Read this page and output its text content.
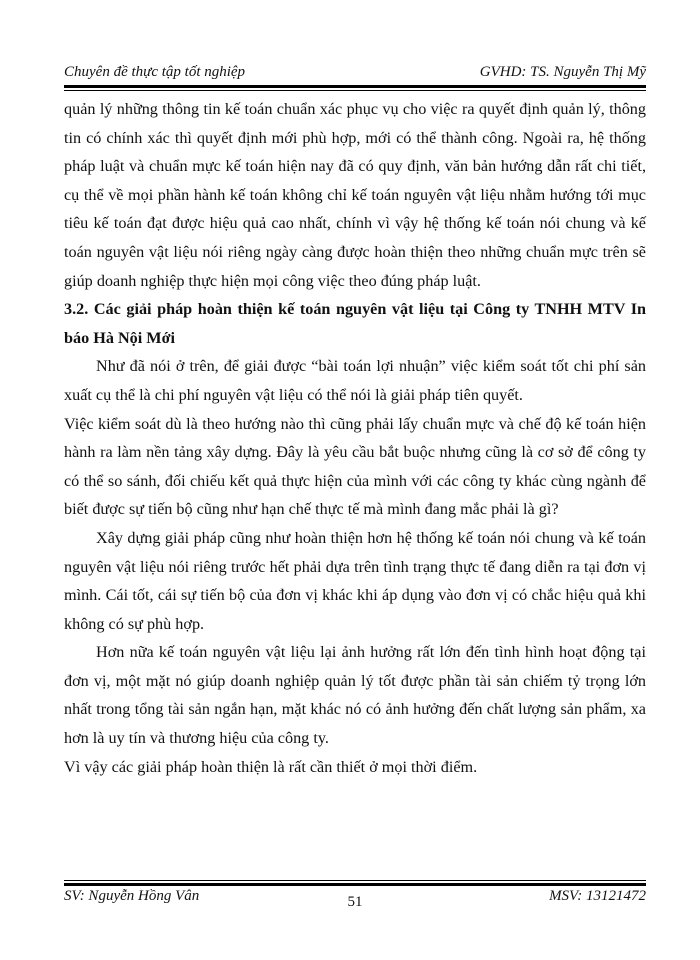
Chuyên đề thực tập tốt nghiệp	GVHD: TS. Nguyễn Thị Mỹ

quản lý những thông tin kế toán chuẩn xác phục vụ cho việc ra quyết định quản lý, thông tin có chính xác thì quyết định mới phù hợp, mới có thể thành công. Ngoài ra, hệ thống pháp luật và chuẩn mực kế toán hiện nay đã có quy định, văn bản hướng dẫn rất chi tiết, cụ thể về mọi phần hành kế toán không chỉ kế toán nguyên vật liệu nhằm hướng tới mục tiêu kế toán đạt được hiệu quả cao nhất, chính vì vậy hệ thống kế toán nói chung và kế toán nguyên vật liệu nói riêng ngày càng được hoàn thiện theo những chuẩn mực trên sẽ giúp doanh nghiệp thực hiện mọi công việc theo đúng pháp luật.

3.2. Các giải pháp hoàn thiện kế toán nguyên vật liệu tại Công ty TNHH MTV In báo Hà Nội Mới

Như đã nói ở trên, để giải được “bài toán lợi nhuận” việc kiểm soát tốt chi phí sản xuất cụ thể là chi phí nguyên vật liệu có thể nói là giải pháp tiên quyết.

Việc kiểm soát dù là theo hướng nào thì cũng phải lấy chuẩn mực và chế độ kế toán hiện hành ra làm nền tảng xây dựng. Đây là yêu cầu bắt buộc nhưng cũng là cơ sở để công ty có thể so sánh, đối chiếu kết quả thực hiện của mình với các công ty khác cùng ngành để biết được sự tiến bộ cũng như hạn chế thực tế mà mình đang mắc phải là gì?

Xây dựng giải pháp cũng như hoàn thiện hơn hệ thống kế toán nói chung và kế toán nguyên vật liệu nói riêng trước hết phải dựa trên tình trạng thực tế đang diễn ra tại đơn vị mình. Cái tốt, cái sự tiến bộ của đơn vị khác khi áp dụng vào đơn vị có chắc hiệu quả khi không có sự phù hợp.

Hơn nữa kế toán nguyên vật liệu lại ảnh hưởng rất lớn đến tình hình hoạt động tại đơn vị, một mặt nó giúp doanh nghiệp quản lý tốt được phần tài sản chiếm tỷ trọng lớn nhất trong tổng tài sản ngắn hạn, mặt khác nó có ảnh hưởng đến chất lượng sản phẩm, xa hơn là uy tín và thương hiệu của công ty.

Vì vậy các giải pháp hoàn thiện là rất cần thiết ở mọi thời điểm.

SV: Nguyễn Hồng Vân	51	MSV: 13121472
